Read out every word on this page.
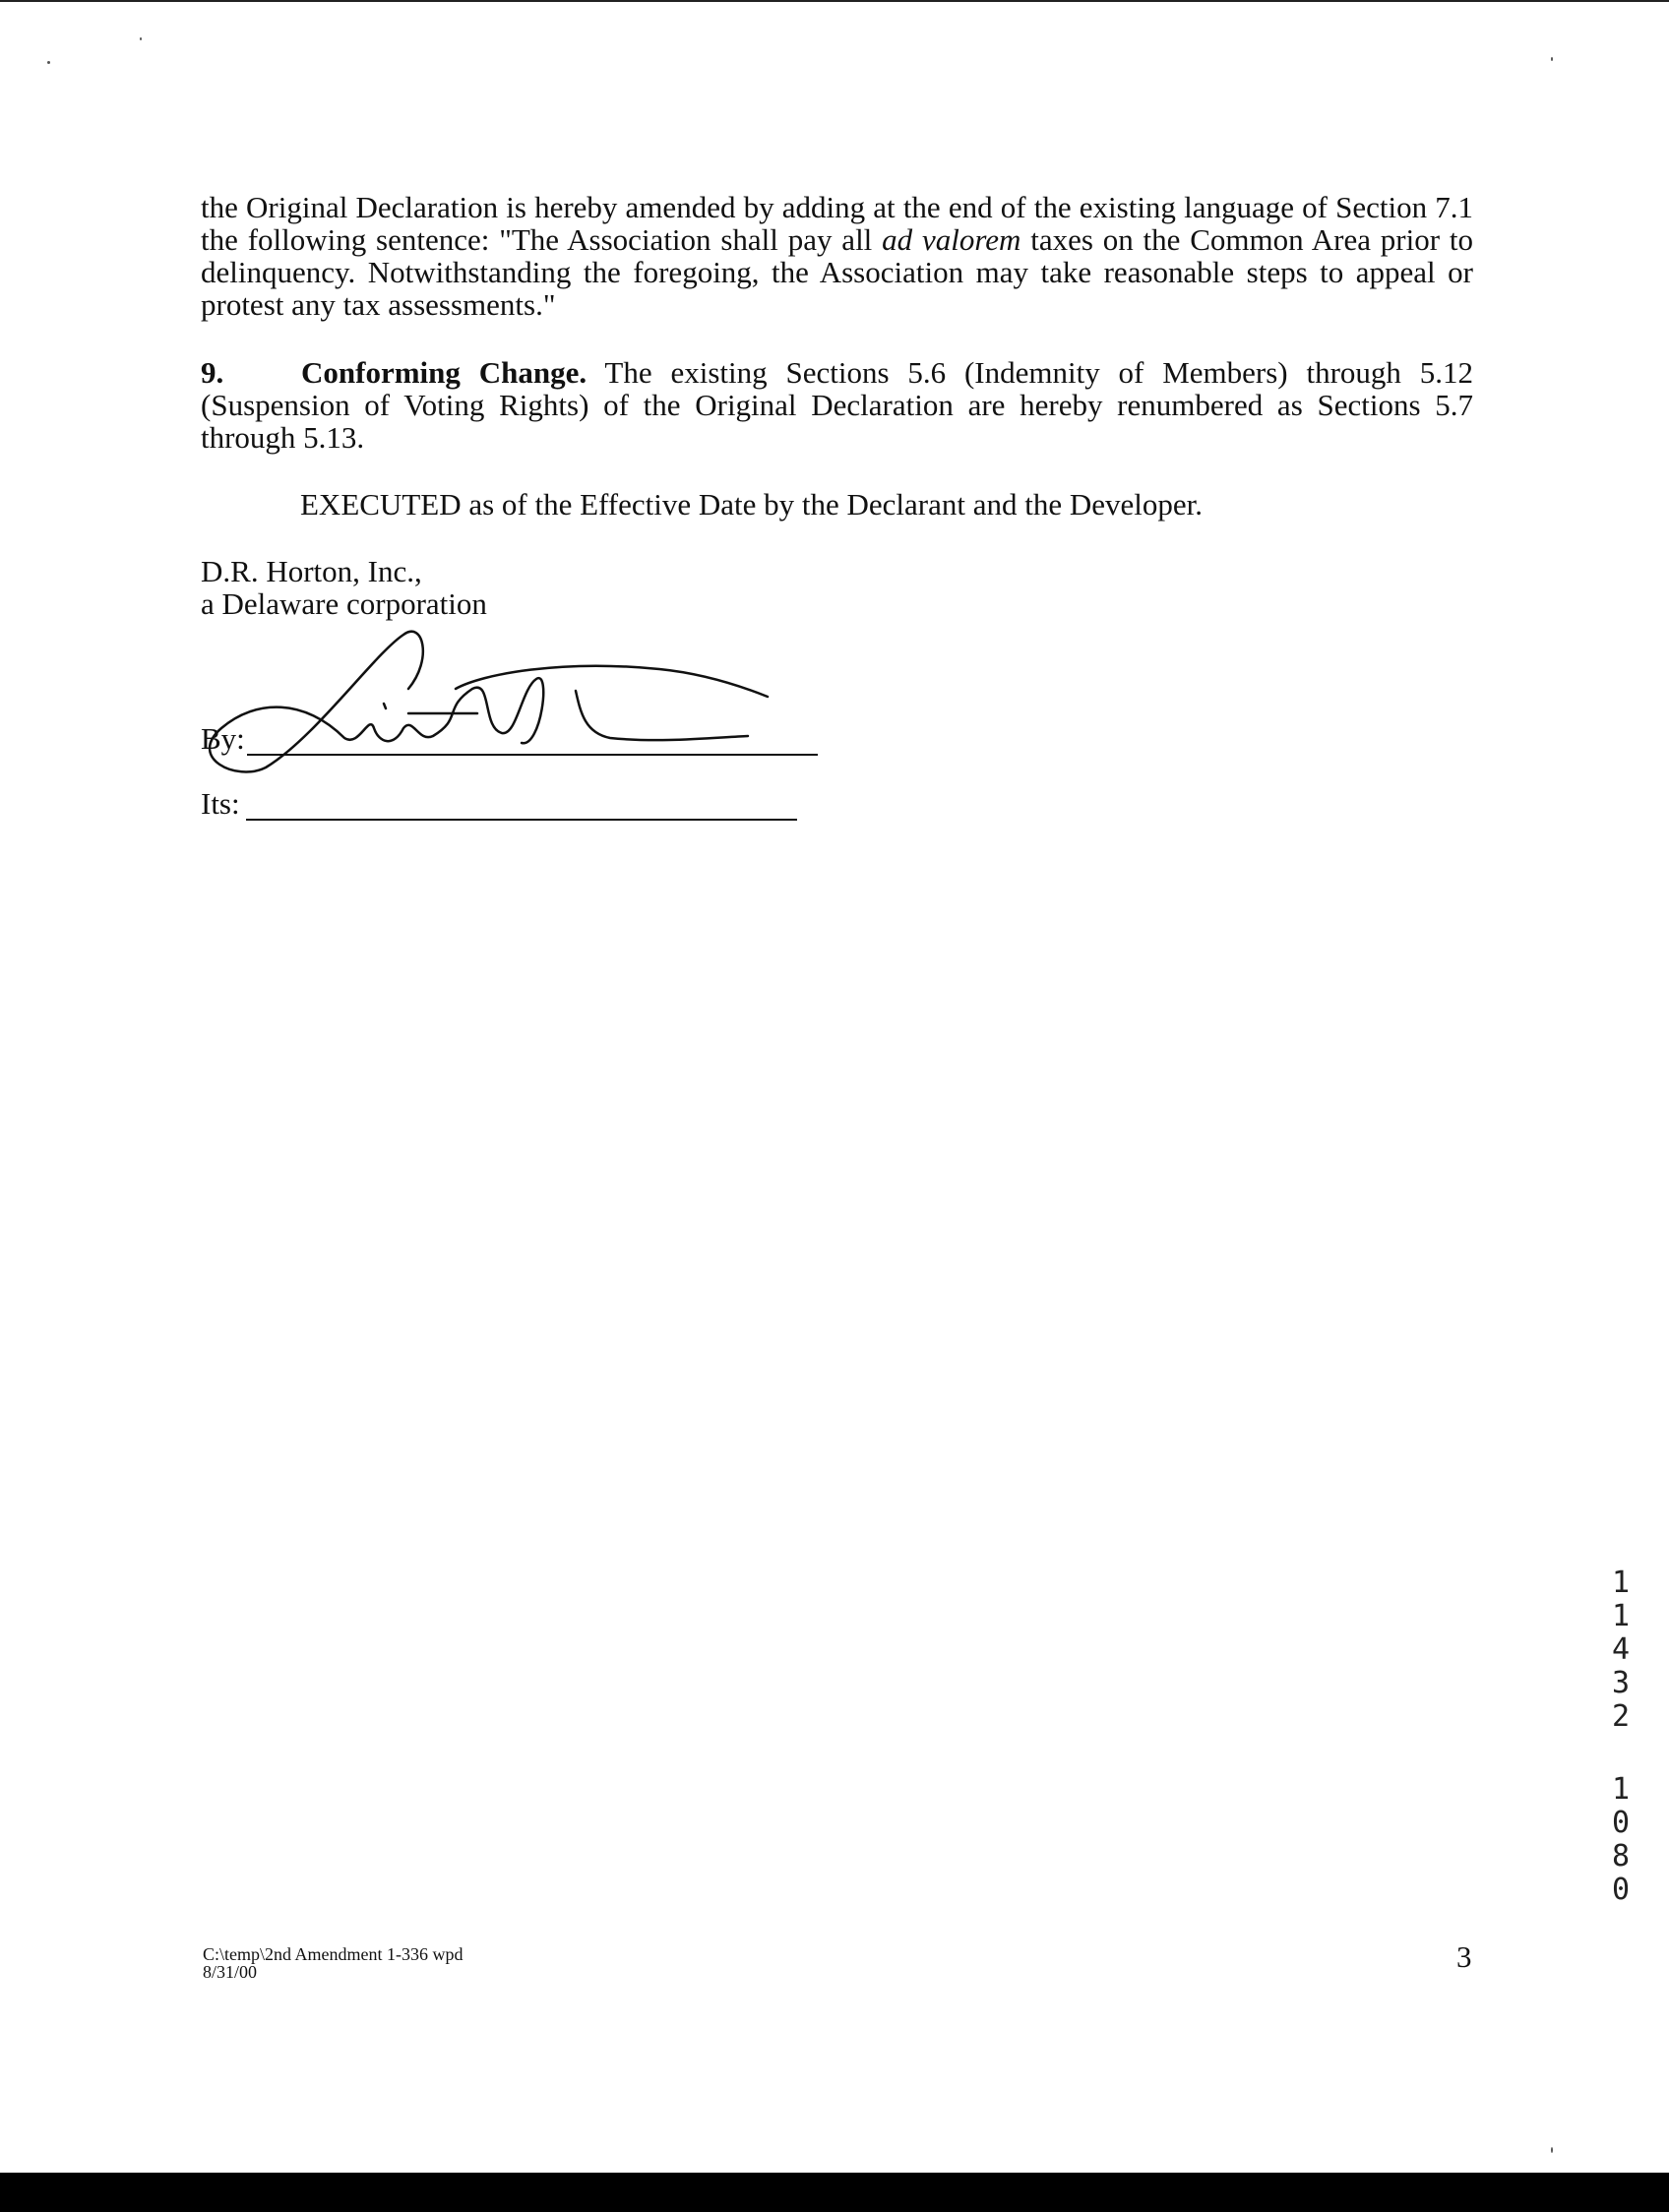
the Original Declaration is hereby amended by adding at the end of the existing language of Section 7.1 the following sentence: "The Association shall pay all ad valorem taxes on the Common Area prior to delinquency. Notwithstanding the foregoing, the Association may take reasonable steps to appeal or protest any tax assessments."

9.	Conforming Change. The existing Sections 5.6 (Indemnity of Members) through 5.12 (Suspension of Voting Rights) of the Original Declaration are hereby renumbered as Sections 5.7 through 5.13.

EXECUTED as of the Effective Date by the Declarant and the Developer.
D.R. Horton, Inc.,
a Delaware corporation
By:
Its:
C:\temp\2nd Amendment 1-336 wpd
8/31/00	3
1
1
4
3
2
1
0
8
0
